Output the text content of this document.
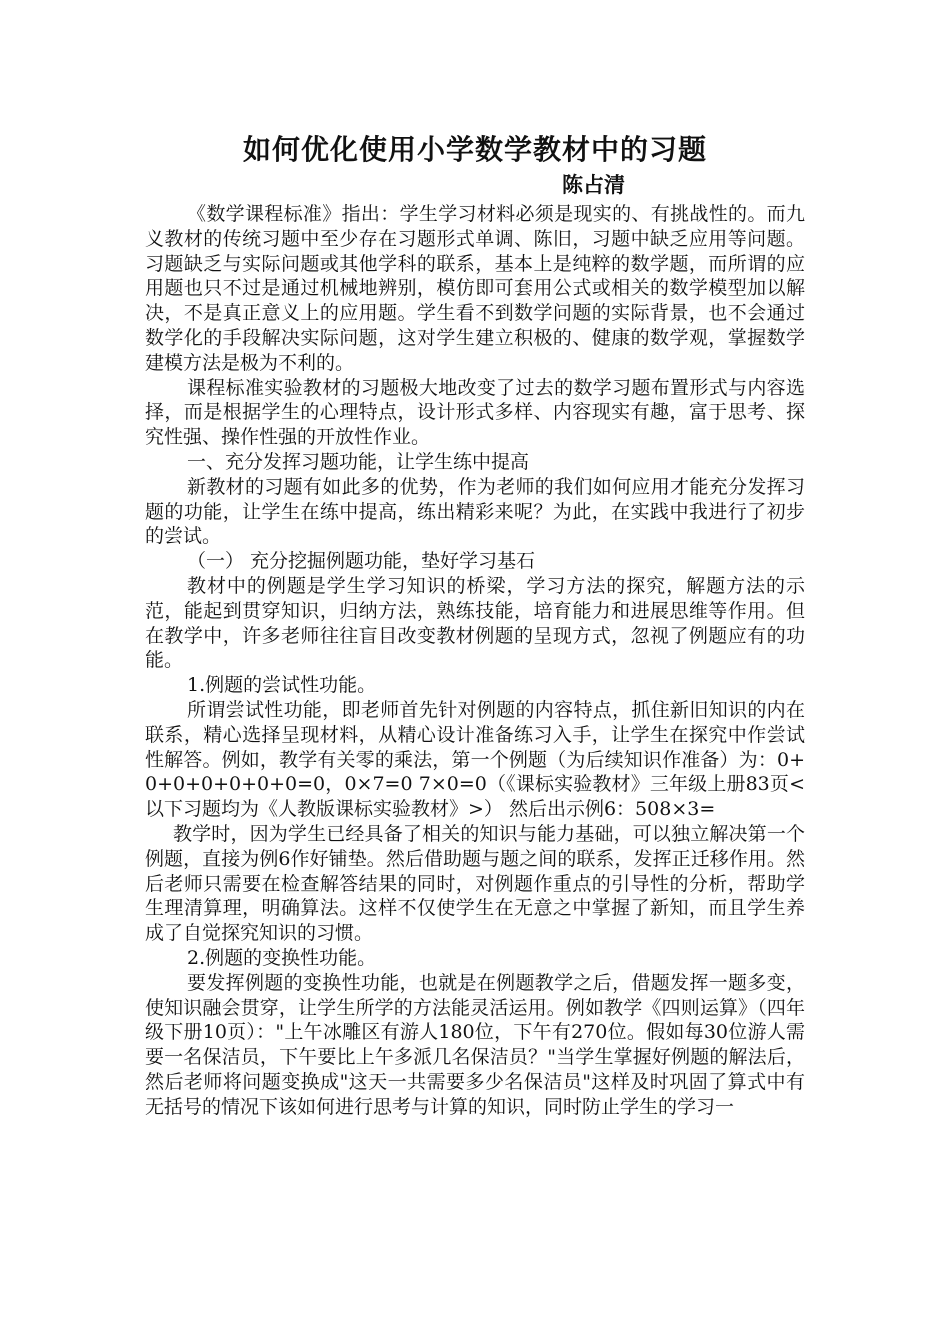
如何优化使用小学数学教材中的习题

陈占清

《数学课程标准》指出：学生学习材料必须是现实的、有挑战性的。而九义教材的传统习题中至少存在习题形式单调、陈旧，习题中缺乏应用等问题。习题缺乏与实际问题或其他学科的联系，基本上是纯粹的数学题，而所谓的应用题也只不过是通过机械地辨别，模仿即可套用公式或相关的数学模型加以解决，不是真正意义上的应用题。学生看不到数学问题的实际背景，也不会通过数学化的手段解决实际问题，这对学生建立积极的、健康的数学观，掌握数学建模方法是极为不利的。

课程标准实验教材的习题极大地改变了过去的数学习题布置形式与内容选择，而是根据学生的心理特点，设计形式多样、内容现实有趣，富于思考、探究性强、操作性强的开放性作业。

一、充分发挥习题功能，让学生练中提高

新教材的习题有如此多的优势，作为老师的我们如何应用才能充分发挥习题的功能，让学生在练中提高，练出精彩来呢？为此，在实践中我进行了初步的尝试。

（一） 充分挖掘例题功能，垫好学习基石

教材中的例题是学生学习知识的桥梁，学习方法的探究，解题方法的示范，能起到贯穿知识，归纳方法，熟练技能，培育能力和进展思维等作用。但在教学中，许多老师往往盲目改变教材例题的呈现方式，忽视了例题应有的功能。

1.例题的尝试性功能。

所谓尝试性功能，即老师首先针对例题的内容特点，抓住新旧知识的内在联系，精心选择呈现材料，从精心设计准备练习入手，让学生在探究中作尝试性解答。例如，教学有关零的乘法，第一个例题（为后续知识作准备）为：0+0+0+0+0+0+0=0，0×7=0 7×0=0（《课标实验教材》三年级上册83页<以下习题均为《人教版课标实验教材》>） 然后出示例6：508×3=

教学时，因为学生已经具备了相关的知识与能力基础，可以独立解决第一个例题，直接为例6作好铺垫。然后借助题与题之间的联系，发挥正迁移作用。然后老师只需要在检查解答结果的同时，对例题作重点的引导性的分析，帮助学生理清算理，明确算法。这样不仅使学生在无意之中掌握了新知，而且学生养成了自觉探究知识的习惯。

2.例题的变换性功能。

要发挥例题的变换性功能，也就是在例题教学之后，借题发挥一题多变，使知识融会贯穿，让学生所学的方法能灵活运用。例如教学《四则运算》（四年级下册10页）："上午冰雕区有游人180位，下午有270位。假如每30位游人需要一名保洁员，下午要比上午多派几名保洁员？"当学生掌握好例题的解法后，然后老师将问题变换成"这天一共需要多少名保洁员"这样及时巩固了算式中有无括号的情况下该如何进行思考与计算的知识，同时防止学生的学习一
